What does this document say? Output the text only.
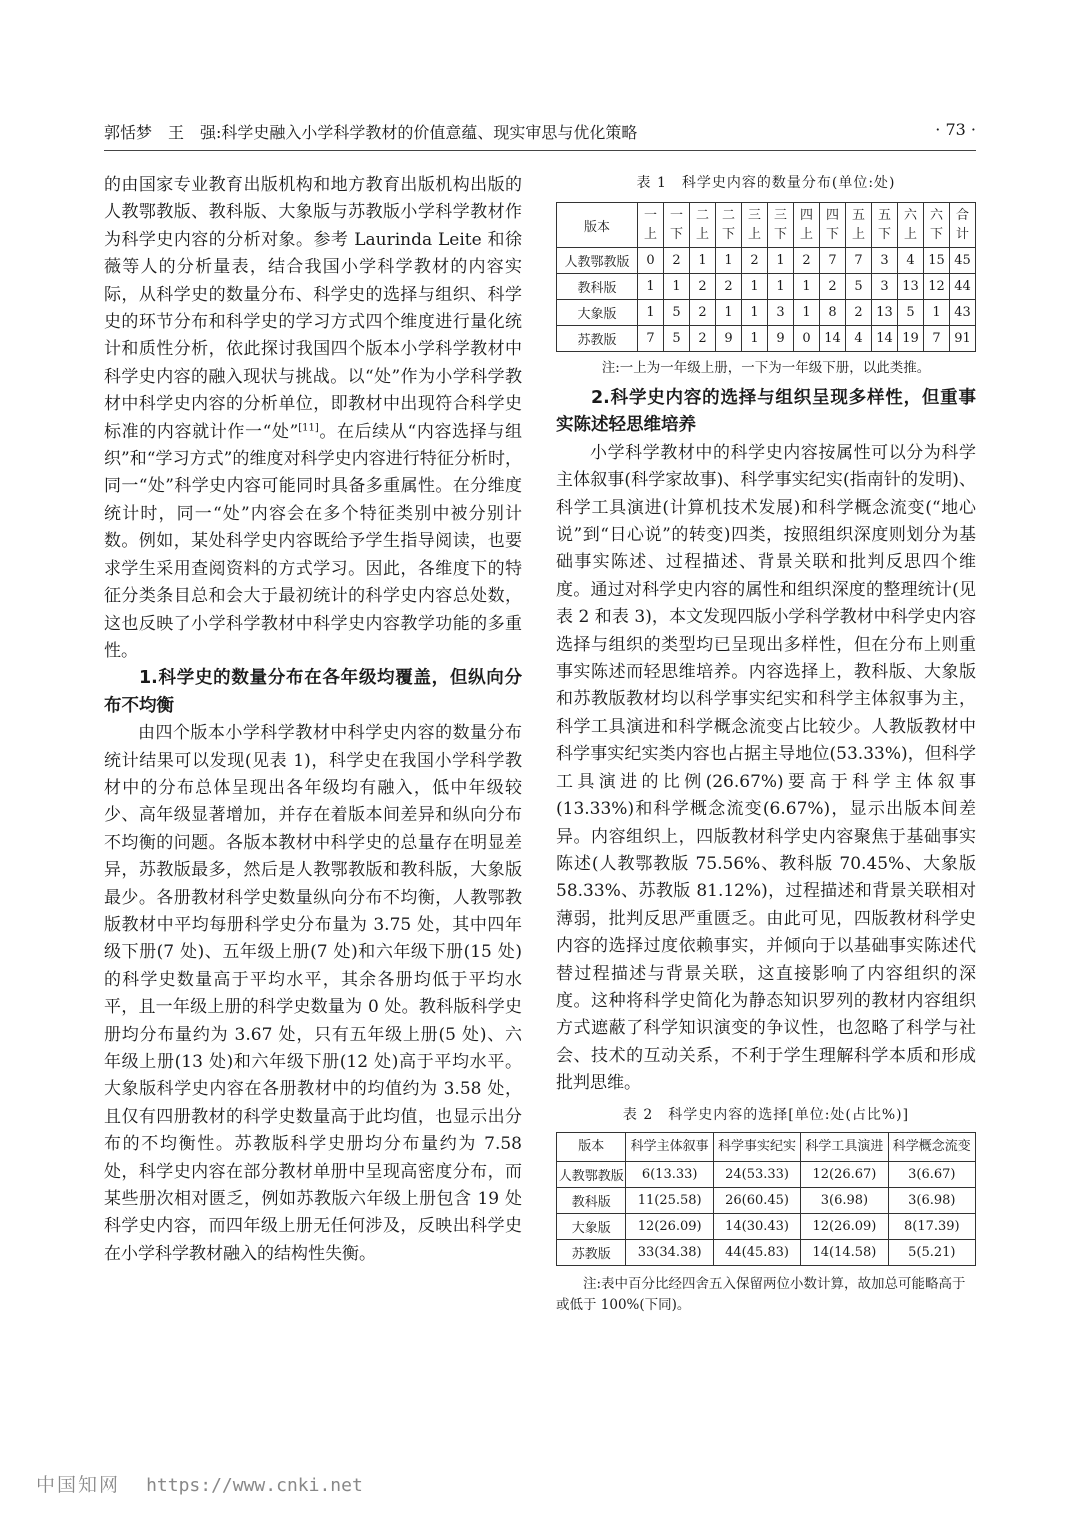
郭恬梦　王　强:科学史融入小学科学教材的价值意蕴、现实审思与优化策略	· 73 ·

的由国家专业教育出版机构和地方教育出版机构出版的人教鄂教版、教科版、大象版与苏教版小学科学教材作为科学史内容的分析对象。参考 Laurinda Leite 和徐薇等人的分析量表，结合我国小学科学教材的内容实际，从科学史的数量分布、科学史的选择与组织、科学史的环节分布和科学史的学习方式四个维度进行量化统计和质性分析，依此探讨我国四个版本小学科学教材中科学史内容的融入现状与挑战。以“处”作为小学科学教材中科学史内容的分析单位，即教材中出现符合科学史标准的内容就计作一“处”[11]。在后续从“内容选择与组织”和“学习方式”的维度对科学史内容进行特征分析时，同一“处”科学史内容可能同时具备多重属性。在分维度统计时，同一“处”内容会在多个特征类别中被分别计数。例如，某处科学史内容既给予学生指导阅读，也要求学生采用查阅资料的方式学习。因此，各维度下的特征分类条目总和会大于最初统计的科学史内容总处数，这也反映了小学科学教材中科学史内容教学功能的多重性。

1.科学史的数量分布在各年级均覆盖，但纵向分布不均衡

由四个版本小学科学教材中科学史内容的数量分布统计结果可以发现(见表 1)，科学史在我国小学科学教材中的分布总体呈现出各年级均有融入，低中年级较少、高年级显著增加，并存在着版本间差异和纵向分布不均衡的问题。各版本教材中科学史的总量存在明显差异，苏教版最多，然后是人教鄂教版和教科版，大象版最少。各册教材科学史数量纵向分布不均衡，人教鄂教版教材中平均每册科学史分布量为 3.75 处，其中四年级下册(7 处)、五年级上册(7 处)和六年级下册(15 处)的科学史数量高于平均水平，其余各册均低于平均水平，且一年级上册的科学史数量为 0 处。教科版科学史册均分布量约为 3.67 处，只有五年级上册(5 处)、六年级上册(13 处)和六年级下册(12 处)高于平均水平。大象版科学史内容在各册教材中的均值约为 3.58 处，且仅有四册教材的科学史数量高于此均值，也显示出分布的不均衡性。苏教版科学史册均分布量约为 7.58 处，科学史内容在部分教材单册中呈现高密度分布，而某些册次相对匮乏，例如苏教版六年级上册包含 19 处科学史内容，而四年级上册无任何涉及，反映出科学史在小学科学教材融入的结构性失衡。

表 1　科学史内容的数量分布(单位:处)

版本	一上	一下	二上	二下	三上	三下	四上	四下	五上	五下	六上	六下	合计
人教鄂教版	0	2	1	1	2	1	2	7	7	3	4	15	45
教科版	1	1	2	2	1	1	1	2	5	3	13	12	44
大象版	1	5	2	1	1	3	1	8	2	13	5	1	43
苏教版	7	5	2	9	1	9	0	14	4	14	19	7	91

注:一上为一年级上册，一下为一年级下册，以此类推。

2.科学史内容的选择与组织呈现多样性，但重事实陈述轻思维培养

小学科学教材中的科学史内容按属性可以分为科学主体叙事(科学家故事)、科学事实纪实(指南针的发明)、科学工具演进(计算机技术发展)和科学概念流变(“地心说”到“日心说”的转变)四类，按照组织深度则划分为基础事实陈述、过程描述、背景关联和批判反思四个维度。通过对科学史内容的属性和组织深度的整理统计(见表 2 和表 3)，本文发现四版小学科学教材中科学史内容选择与组织的类型均已呈现出多样性，但在分布上则重事实陈述而轻思维培养。内容选择上，教科版、大象版和苏教版教材均以科学事实纪实和科学主体叙事为主，科学工具演进和科学概念流变占比较少。人教版教材中科学事实纪实类内容也占据主导地位(53.33%)，但科学工具演进的比例(26.67%)要高于科学主体叙事(13.33%)和科学概念流变(6.67%)，显示出版本间差异。内容组织上，四版教材科学史内容聚焦于基础事实陈述(人教鄂教版 75.56%、教科版 70.45%、大象版 58.33%、苏教版 81.12%)，过程描述和背景关联相对薄弱，批判反思严重匮乏。由此可见，四版教材科学史内容的选择过度依赖事实，并倾向于以基础事实陈述代替过程描述与背景关联，这直接影响了内容组织的深度。这种将科学史简化为静态知识罗列的教材内容组织方式遮蔽了科学知识演变的争议性，也忽略了科学与社会、技术的互动关系，不利于学生理解科学本质和形成批判思维。

表 2　科学史内容的选择[单位:处(占比%)]

版本	科学主体叙事	科学事实纪实	科学工具演进	科学概念流变
人教鄂教版	6(13.33)	24(53.33)	12(26.67)	3(6.67)
教科版	11(25.58)	26(60.45)	3(6.98)	3(6.98)
大象版	12(26.09)	14(30.43)	12(26.09)	8(17.39)
苏教版	33(34.38)	44(45.83)	14(14.58)	5(5.21)

注:表中百分比经四舍五入保留两位小数计算，故加总可能略高于或低于 100%(下同)。

中国知网 https://www.cnki.net
